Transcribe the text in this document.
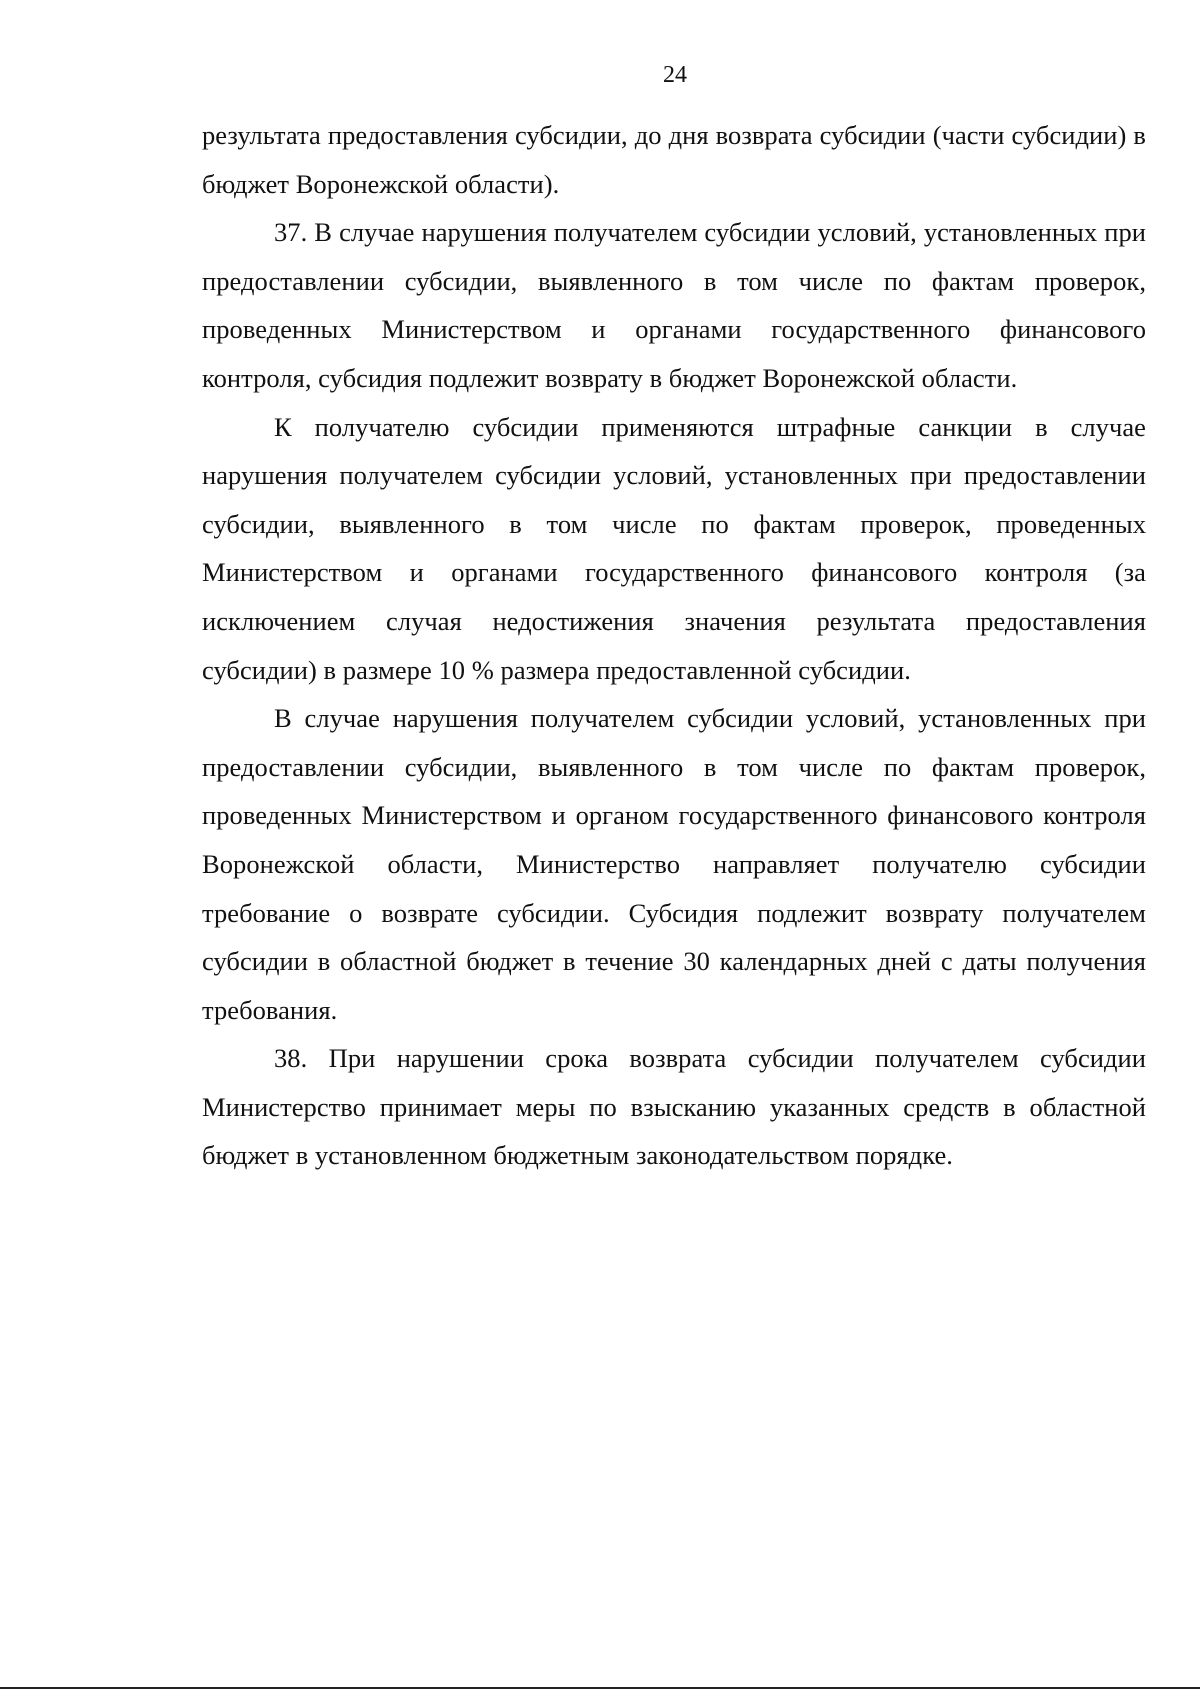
24

результата предоставления субсидии, до дня возврата субсидии (части субсидии) в бюджет Воронежской области).

37. В случае нарушения получателем субсидии условий, установленных при предоставлении субсидии, выявленного в том числе по фактам проверок, проведенных Министерством и органами государственного финансового контроля, субсидия подлежит возврату в бюджет Воронежской области.

К получателю субсидии применяются штрафные санкции в случае нарушения получателем субсидии условий, установленных при предоставлении субсидии, выявленного в том числе по фактам проверок, проведенных Министерством и органами государственного финансового контроля (за исключением случая недостижения значения результата предоставления субсидии) в размере 10 % размера предоставленной субсидии.

В случае нарушения получателем субсидии условий, установленных при предоставлении субсидии, выявленного в том числе по фактам проверок, проведенных Министерством и органом государственного финансового контроля Воронежской области, Министерство направляет получателю субсидии требование о возврате субсидии. Субсидия подлежит возврату получателем субсидии в областной бюджет в течение 30 календарных дней с даты получения требования.

38. При нарушении срока возврата субсидии получателем субсидии Министерство принимает меры по взысканию указанных средств в областной бюджет в установленном бюджетным законодательством порядке.
